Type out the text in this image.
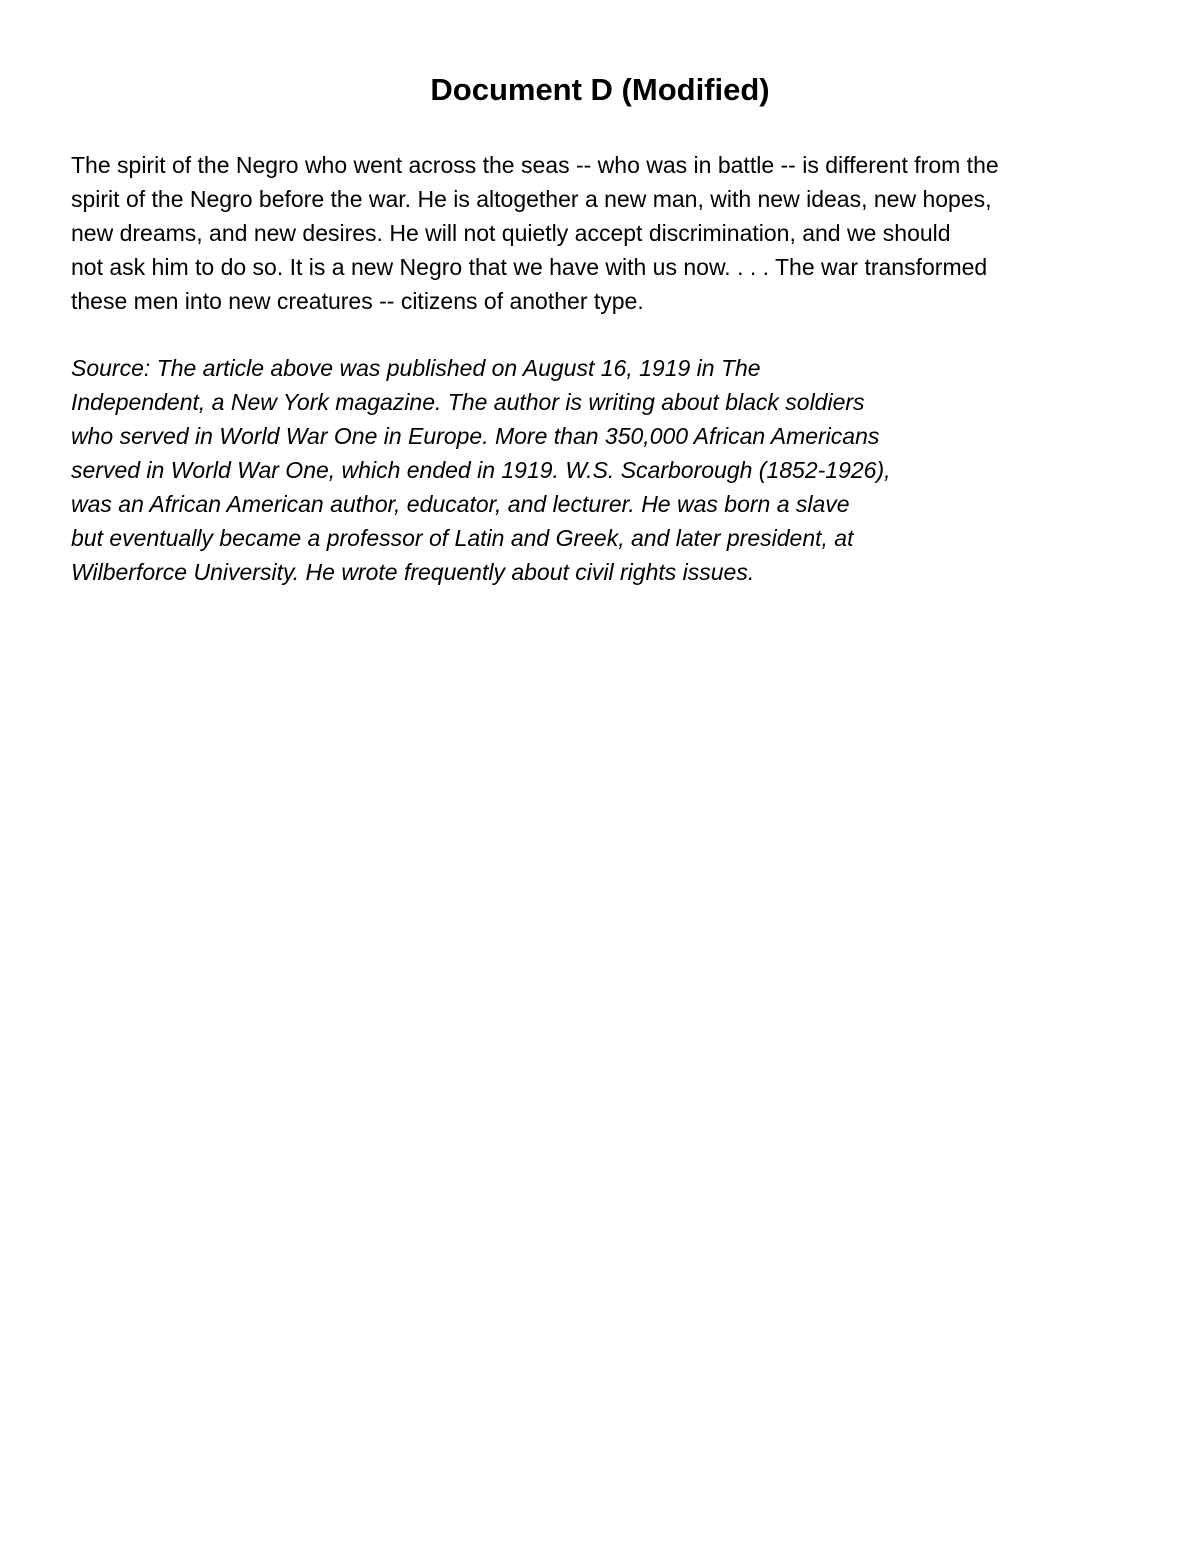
Document D (Modified)

The spirit of the Negro who went across the seas -- who was in battle -- is different from the
spirit of the Negro before the war. He is altogether a new man, with new ideas, new hopes,
new dreams, and new desires. He will not quietly accept discrimination, and we should
not ask him to do so. It is a new Negro that we have with us now. . . . The war transformed
these men into new creatures -- citizens of another type.

Source: The article above was published on August 16, 1919 in The
Independent, a New York magazine. The author is writing about black soldiers
who served in World War One in Europe. More than 350,000 African Americans
served in World War One, which ended in 1919. W.S. Scarborough (1852-1926),
was an African American author, educator, and lecturer. He was born a slave
but eventually became a professor of Latin and Greek, and later president, at
Wilberforce University. He wrote frequently about civil rights issues.
